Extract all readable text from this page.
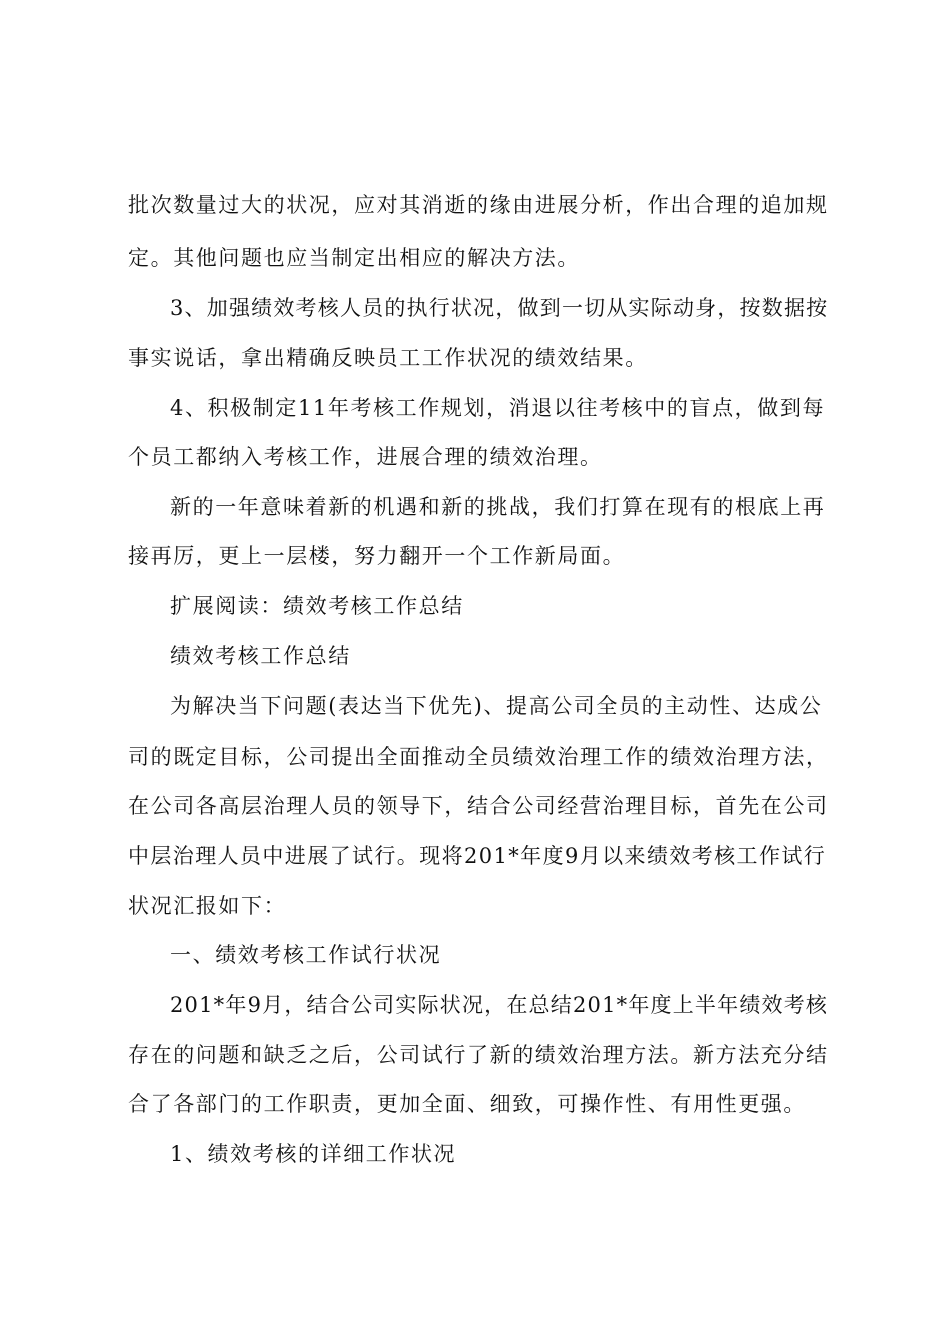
批次数量过大的状况，应对其消逝的缘由进展分析，作出合理的追加规
定。其他问题也应当制定出相应的解决方法。
3、加强绩效考核人员的执行状况，做到一切从实际动身，按数据按
事实说话，拿出精确反映员工工作状况的绩效结果。
4、积极制定11年考核工作规划，消退以往考核中的盲点，做到每
个员工都纳入考核工作，进展合理的绩效治理。
新的一年意味着新的机遇和新的挑战，我们打算在现有的根底上再
接再厉，更上一层楼，努力翻开一个工作新局面。
扩展阅读：绩效考核工作总结
绩效考核工作总结
为解决当下问题(表达当下优先)、提高公司全员的主动性、达成公
司的既定目标，公司提出全面推动全员绩效治理工作的绩效治理方法，
在公司各高层治理人员的领导下，结合公司经营治理目标，首先在公司
中层治理人员中进展了试行。现将201*年度9月以来绩效考核工作试行
状况汇报如下：
一、绩效考核工作试行状况
201*年9月，结合公司实际状况，在总结201*年度上半年绩效考核
存在的问题和缺乏之后，公司试行了新的绩效治理方法。新方法充分结
合了各部门的工作职责，更加全面、细致，可操作性、有用性更强。
1、绩效考核的详细工作状况
